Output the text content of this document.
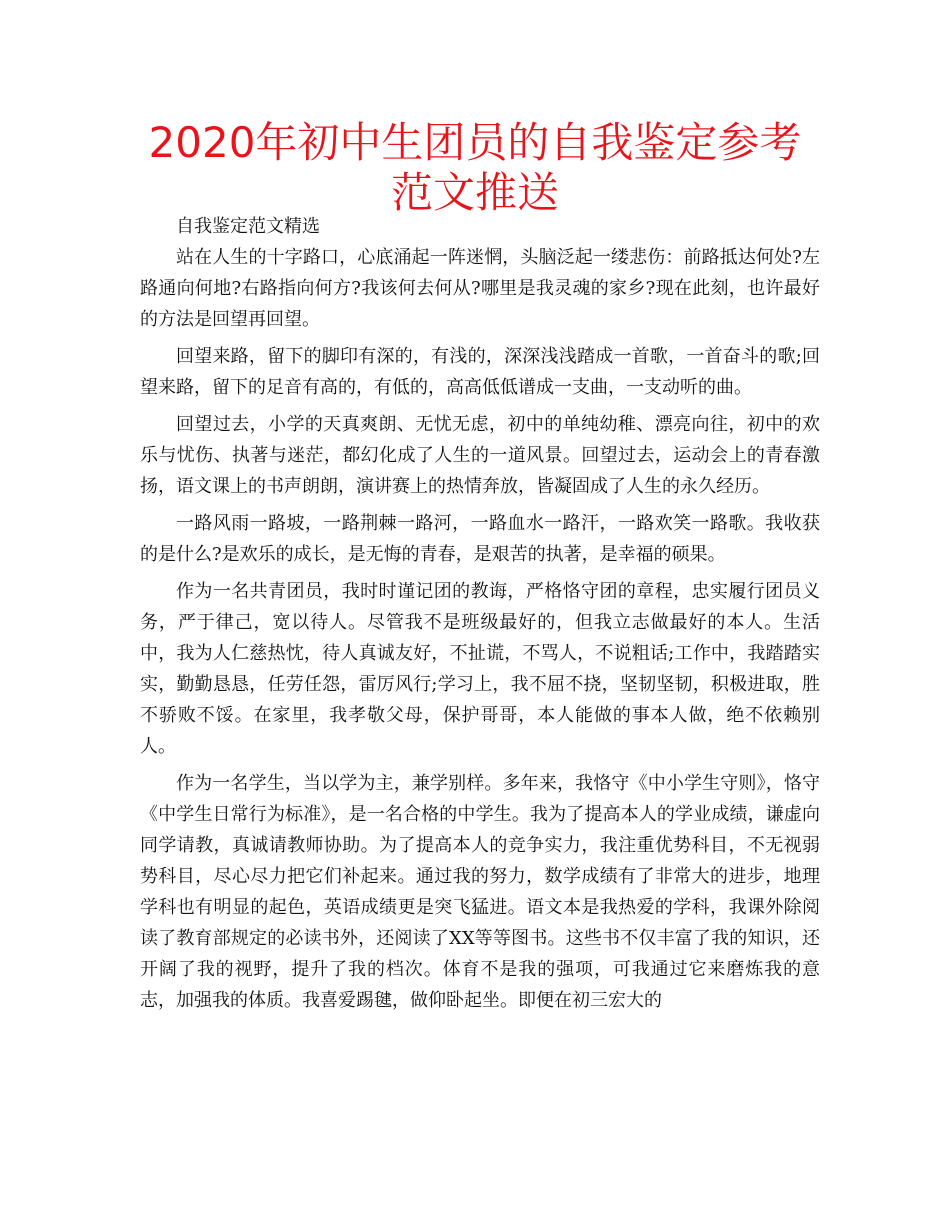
2020年初中生团员的自我鉴定参考范文推送

自我鉴定范文精选

站在人生的十字路口，心底涌起一阵迷惘，头脑泛起一缕悲伤：前路抵达何处?左路通向何地?右路指向何方?我该何去何从?哪里是我灵魂的家乡?现在此刻，也许最好的方法是回望再回望。

回望来路，留下的脚印有深的，有浅的，深深浅浅踏成一首歌，一首奋斗的歌;回望来路，留下的足音有高的，有低的，高高低低谱成一支曲，一支动听的曲。

回望过去，小学的天真爽朗、无忧无虑，初中的单纯幼稚、漂亮向往，初中的欢乐与忧伤、执著与迷茫，都幻化成了人生的一道风景。回望过去，运动会上的青春激扬，语文课上的书声朗朗，演讲赛上的热情奔放，皆凝固成了人生的永久经历。

一路风雨一路坡，一路荆棘一路河，一路血水一路汗，一路欢笑一路歌。我收获的是什么?是欢乐的成长，是无悔的青春，是艰苦的执著，是幸福的硕果。

作为一名共青团员，我时时谨记团的教诲，严格恪守团的章程，忠实履行团员义务，严于律己，宽以待人。尽管我不是班级最好的，但我立志做最好的本人。生活中，我为人仁慈热忱，待人真诚友好，不扯谎，不骂人，不说粗话;工作中，我踏踏实实，勤勤恳恳，任劳任怨，雷厉风行;学习上，我不屈不挠，坚韧坚韧，积极进取，胜不骄败不馁。在家里，我孝敬父母，保护哥哥，本人能做的事本人做，绝不依赖别人。

作为一名学生，当以学为主，兼学别样。多年来，我恪守《中小学生守则》，恪守《中学生日常行为标准》，是一名合格的中学生。我为了提高本人的学业成绩，谦虚向同学请教，真诚请教师协助。为了提高本人的竞争实力，我注重优势科目，不无视弱势科目，尽心尽力把它们补起来。通过我的努力，数学成绩有了非常大的进步，地理学科也有明显的起色，英语成绩更是突飞猛进。语文本是我热爱的学科，我课外除阅读了教育部规定的必读书外，还阅读了XX等等图书。这些书不仅丰富了我的知识，还开阔了我的视野，提升了我的档次。体育不是我的强项，可我通过它来磨炼我的意志，加强我的体质。我喜爱踢毽，做仰卧起坐。即便在初三宏大的
